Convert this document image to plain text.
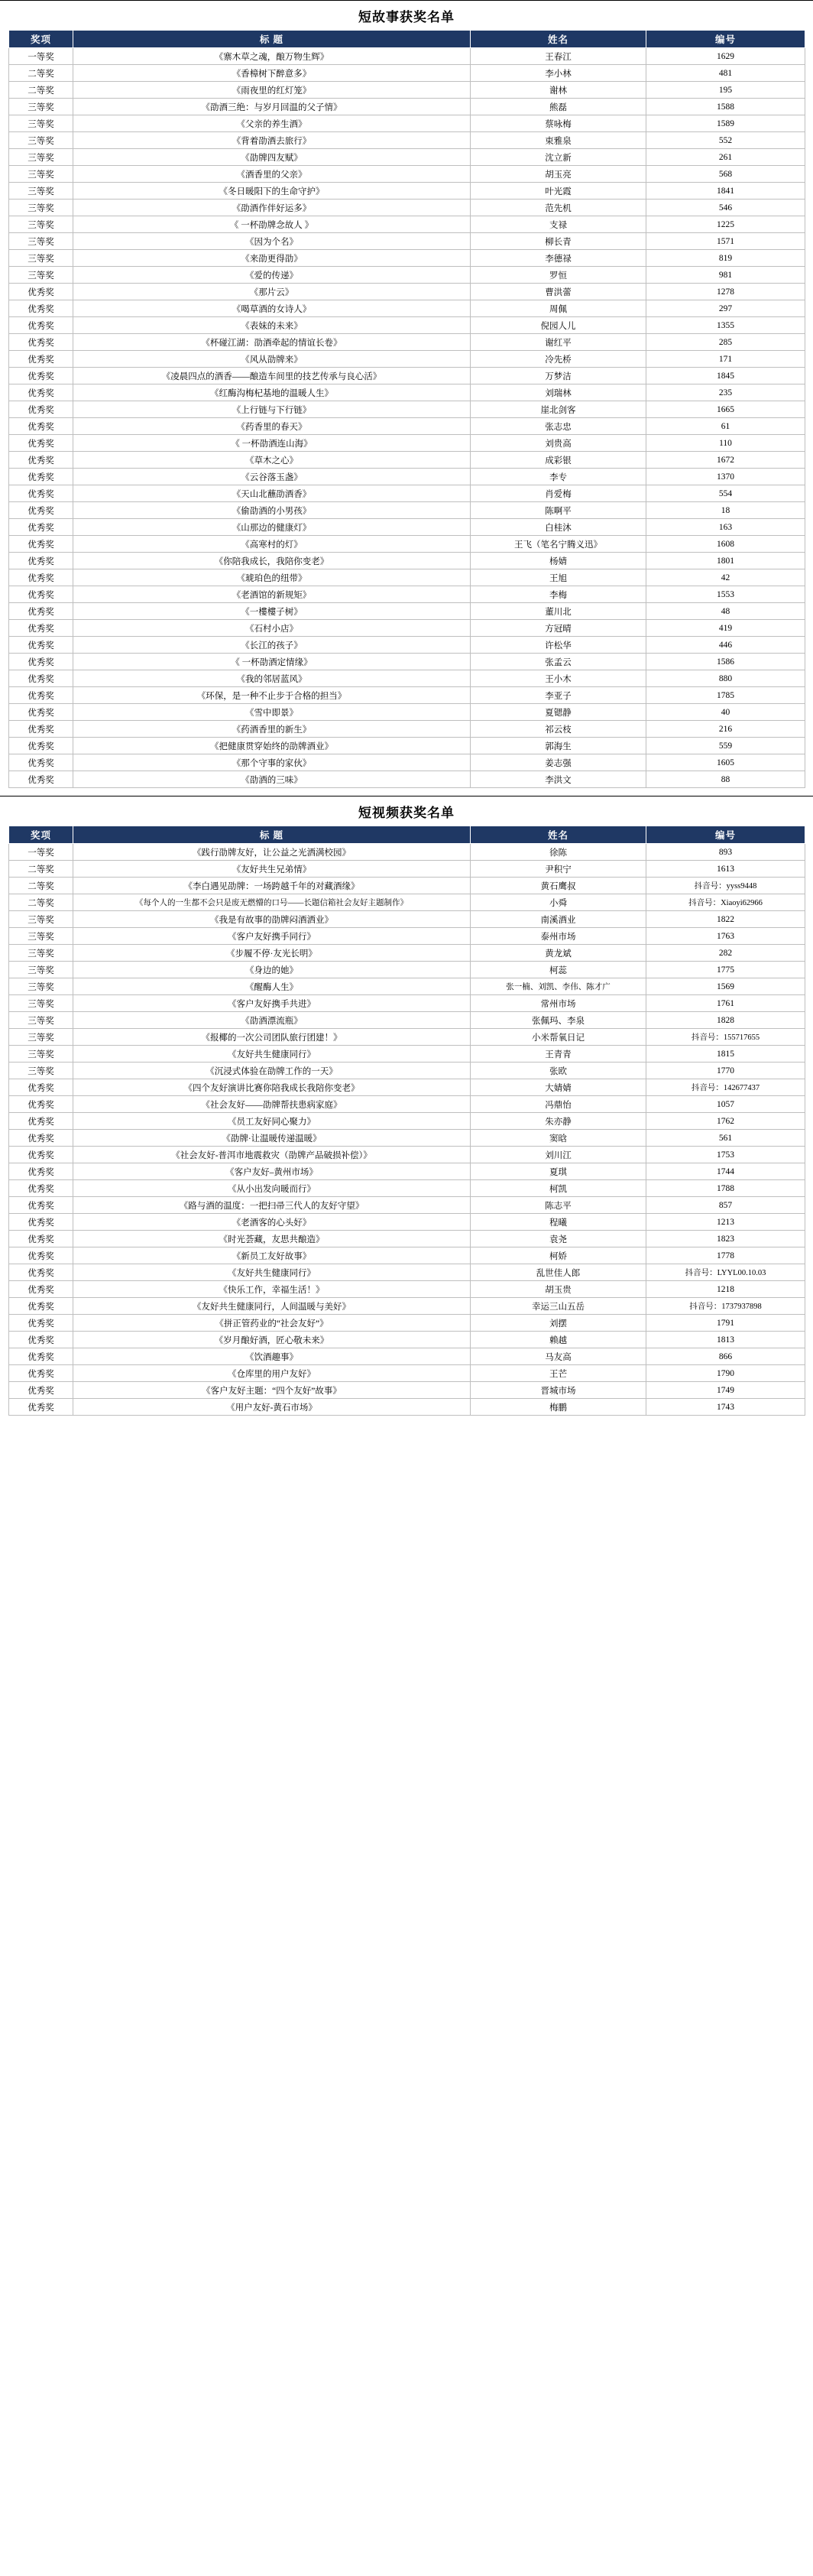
短故事获奖名单
奖项	标 题	姓名	编号
一等奖	《寨木草之魂，酿万物生辉》	王春江	1629
二等奖	《香樟树下醉意多》	李小林	481
二等奖	《雨夜里的红灯笼》	谢林	195
三等奖	《劭酒三绝：与岁月回温的父子情》	熊磊	1588
三等奖	《父亲的养生酒》	蔡咏梅	1589
三等奖	《背着劭酒去旅行》	束雅泉	552
三等奖	《劭牌四友赋》	沈立新	261
三等奖	《酒香里的父亲》	胡玉亮	568
三等奖	《冬日暖阳下的生命守护》	叶光霞	1841
三等奖	《劭酒作伴好运多》	范先机	546
三等奖	《 一杯劭牌念故人 》	支禄	1225
三等奖	《因为个名》	柳长青	1571
三等奖	《来劭更得劭》	李德禄	819
三等奖	《爱的传递》	罗恒	981
优秀奖	《那片云》	曹洪蕾	1278
优秀奖	《喝草酒的女诗人》	周佩	297
优秀奖	《表妹的未来》	倪园人儿	1355
优秀奖	《杯碰江湖：劭酒牵起的情谊长卷》	谢红平	285
优秀奖	《风从劭牌来》	冷先桥	171
优秀奖	《凌晨四点的酒香——酿造车间里的技艺传承与良心活》	万梦洁	1845
优秀奖	《红酶沟梅杞基地的温暖人生》	刘瑞林	235
优秀奖	《上行链与下行链》	崖北剑客	1665
优秀奖	《药香里的春天》	张志忠	61
优秀奖	《 一杯劭酒连山海》	刘贵高	110
优秀奖	《草木之心》	成彩银	1672
优秀奖	《云谷落玉盏》	李专	1370
优秀奖	《天山北蘸劭酒香》	肖爱梅	554
优秀奖	《偷劭酒的小男孩》	陈啊平	18
优秀奖	《山那边的健康灯》	白桂沐	163
优秀奖	《高寒村的灯》	王飞（笔名宁腾义迅》	1608
优秀奖	《你陪我成长，我陪你变老》	杨婧	1801
优秀奖	《琥珀色的纽带》	王旭	42
优秀奖	《老酒馆的新规矩》	李梅	1553
优秀奖	《一樓樓子树》	董川北	48
优秀奖	《石村小店》	方冠晴	419
优秀奖	《长江的孩子》	许松华	446
优秀奖	《 一杯劭酒定情缘》	张孟云	1586
优秀奖	《我的邻居蓝风》	王小木	880
优秀奖	《环保，是一种不止步于合格的担当》	李亚子	1785
优秀奖	《雪中即景》	夏锶静	40
优秀奖	《药酒香里的新生》	祁云枝	216
优秀奖	《把健康贯穿始终的劭牌酒业》	郭海生	559
优秀奖	《那个守事的家伙》	姜志强	1605
优秀奖	《劭酒的三味》	李洪文	88
短视频获奖名单
奖项	标 题	姓名	编号
一等奖	《践行劭牌友好，让公益之光洒满校园》	徐陈	893
二等奖	《友好共生兄弟情》	尹积宁	1613
二等奖	《李白遇见劭牌：一场跨越千年的对藏酒缘》	黄石鹰叔	抖音号：yyss9448
二等奖	《每个人的一生都不会只是废无燃懵的口号——长題信箱社会友好主题制作》	小舜	抖音号：Xiaoyi62966
三等奖	《我是有故事的劭牌闷酒洒业》	南溪酒业	1822
三等奖	《客户友好携手同行》	泰州市场	1763
三等奖	《步履不停·友光长明》	黄龙斌	282
三等奖	《身边的她》	柯蕊	1775
三等奖	《醒酶人生》	张一楠、刘凯、李伟、陈才广	1569
三等奖	《客户友好携手共进》	常州市场	1761
三等奖	《劭酒漂流瓶》	张佩玛、李泉	1828
三等奖	《报椰的一次公司团队旅行团建！》	小米帮氧日记	抖音号：155717655
三等奖	《友好共生健康同行》	王青青	1815
三等奖	《沉浸式体验在劭牌工作的一天》	张欧	1770
优秀奖	《四个友好演讲比赛你陪我成长我陪你变老》	大婧婧	抖音号：142677437
优秀奖	《社会友好——劭牌帮扶患病家庭》	冯鼎怡	1057
优秀奖	《员工友好同心聚力》	朱亦静	1762
优秀奖	《劭牌·让温暖传递温暖》	窦晗	561
优秀奖	《社会友好-普洱市地震救灾（劭牌产品破损补偿）》	刘川江	1753
优秀奖	《客户友好–黄州市场》	夏琪	1744
优秀奖	《从小出发向暖而行》	柯凯	1788
优秀奖	《路与酒的温度：一把扫帚三代人的友好守望》	陈志平	857
优秀奖	《老酒客的心头好》	程曦	1213
优秀奖	《时光荟藏，友思共酿造》	袁尧	1823
优秀奖	《新员工友好故事》	柯娇	1778
优秀奖	《友好共生健康同行》	乱世佳人郎	抖音号：LYYL00.10.03
优秀奖	《快乐工作，幸福生活！》	胡玉贵	1218
优秀奖	《友好共生健康同行，人间温暖与美好》	幸运三山五岳	抖音号：1737937898
优秀奖	《拼正管药业的“社会友好”》	刘摆	1791
优秀奖	《岁月酿好酒，匠心敬未来》	赖越	1813
优秀奖	《饮酒趣事》	马友高	866
优秀奖	《仓库里的用户友好》	王芒	1790
优秀奖	《客户友好主题：“四个友好”故事》	晋城市场	1749
优秀奖	《用户友好-黄石市场》	梅鹏	1743
